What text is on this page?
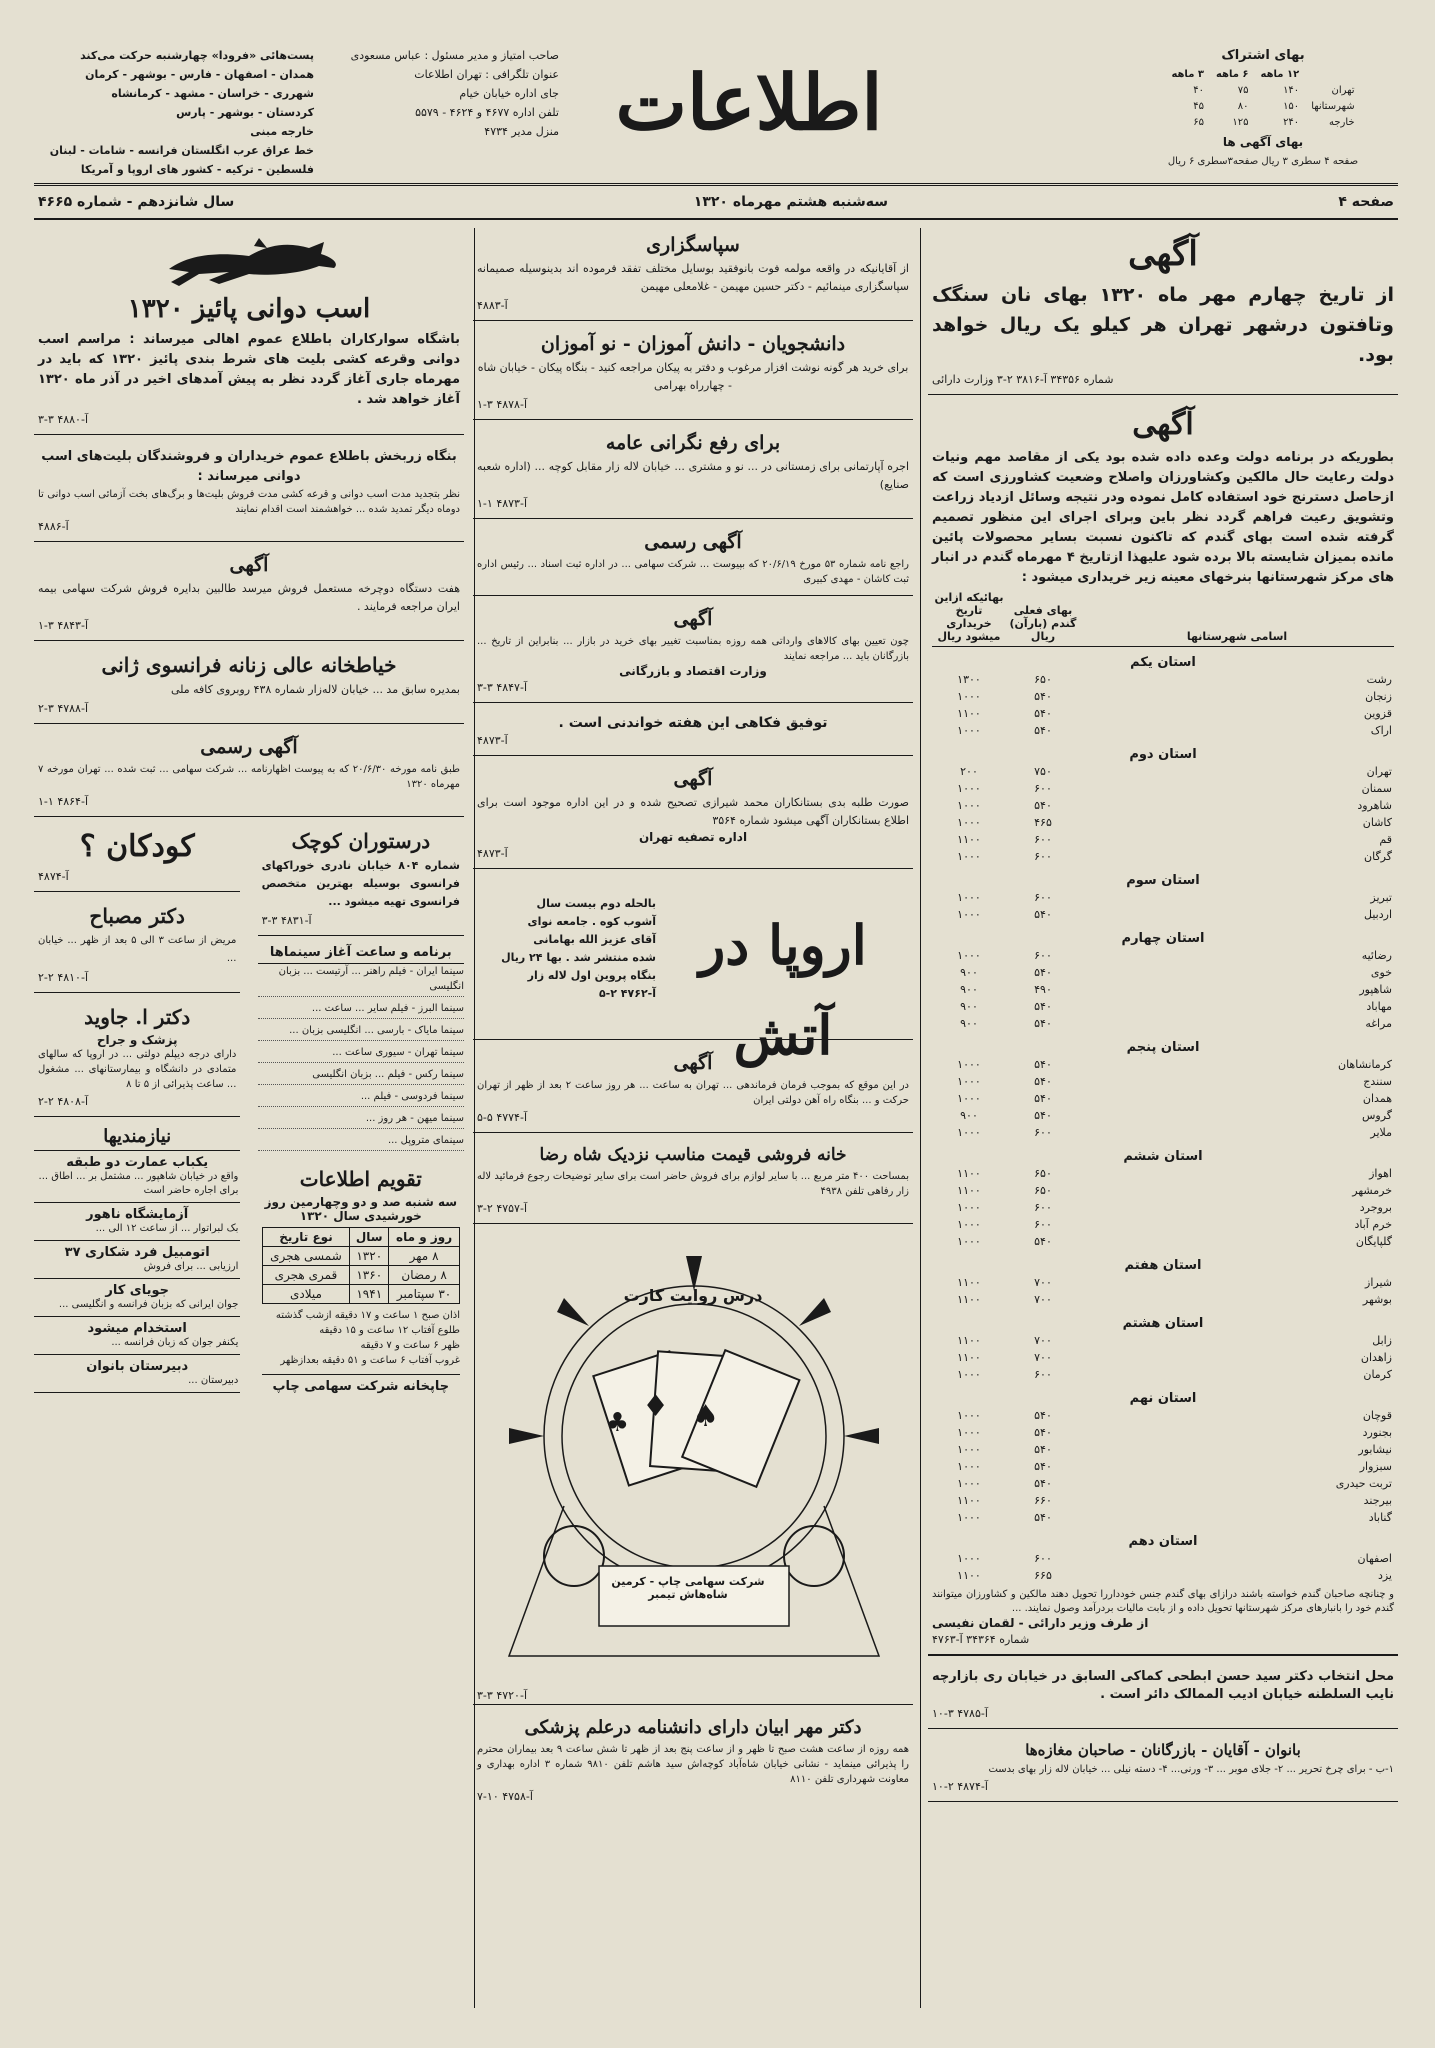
بهای اشتراک
	۱۲ ماهه	۶ ماهه	۳ ماهه
تهران	۱۴۰	۷۵	۴۰
شهرستانها	۱۵۰	۸۰	۴۵
خارجه	۲۴۰	۱۲۵	۶۵
بهای آگهی ها
صفحه ۴ سطری ۳ ریال صفحه۳سطری ۶ ریال
اطلاعات
صاحب امتیاز و مدیر مسئول : عباس مسعودی
عنوان تلگرافی : تهران اطلاعات
جای اداره خیابان خیام
تلفن اداره ۴۶۷۷ و ۴۶۲۴ - ۵۵۷۹
منزل مدیر ۴۷۳۴
پست‌هائی «فرودا» چهارشنبه حرکت می‌کند
همدان - اصفهان - فارس - بوشهر - کرمان
شهرری - خراسان - مشهد - کرمانشاه
کردستان - بوشهر - پارس
خارجه مبنی
خط عراق عرب انگلستان فرانسه - شامات - لبنان
فلسطین - ترکیه - کشور های اروپا و آمریکا
صفحه ۴
سه‌شنبه هشتم مهرماه ۱۳۲۰
سال شانزدهم - شماره ۴۶۶۵
آگهی
از تاریخ چهارم مهر ماه ۱۳۲۰ بهای نان سنگک وتافتون درشهر تهران هر کیلو یک ریال خواهد بود.
شماره ۳۴۳۵۶ آ-۳۸۱۶ ۲-۳ وزارت دارائی
آگهی
بطوریکه در برنامه دولت وعده داده شده بود یکی از مقاصد مهم ونیات دولت رعایت حال مالکین وکشاورزان واصلاح وضعیت کشاورزی است که ازحاصل دسترنج خود استفاده کامل نموده ودر نتیجه وسائل ازدیاد زراعت وتشویق رعیت فراهم گردد نظر باین وبرای اجرای این منظور تصمیم گرفته شده است بهای گندم که تاکنون نسبت بسایر محصولات پائین مانده بمیزان شایسته بالا برده شود علیهذا ازتاریخ ۴ مهرماه گندم در انبار های مرکز شهرستانها بنرخهای معینه زیر خریداری میشود :
اسامی شهرستانها	بهای فعلی گندم (بارآن) ریال	بهائیکه ازاین تاریخ خریداری میشود ریال
استان یکم		
رشت	۶۵۰	۱۳۰۰
زنجان	۵۴۰	۱۰۰۰
قزوین	۵۴۰	۱۱۰۰
اراک	۵۴۰	۱۰۰۰
استان دوم		
تهران	۷۵۰	۲۰۰
سمنان	۶۰۰	۱۰۰۰
شاهرود	۵۴۰	۱۰۰۰
کاشان	۴۶۵	۱۰۰۰
قم	۶۰۰	۱۱۰۰
گرگان	۶۰۰	۱۰۰۰
استان سوم		
تبریز	۶۰۰	۱۰۰۰
اردبیل	۵۴۰	۱۰۰۰
استان چهارم		
رضائیه	۶۰۰	۱۰۰۰
خوی	۵۴۰	۹۰۰
شاهپور	۴۹۰	۹۰۰
مهاباد	۵۴۰	۹۰۰
مراغه	۵۴۰	۹۰۰
استان پنجم		
کرمانشاهان	۵۴۰	۱۰۰۰
سنندج	۵۴۰	۱۰۰۰
همدان	۵۴۰	۱۰۰۰
گروس	۵۴۰	۹۰۰
ملایر	۶۰۰	۱۰۰۰
استان ششم		
اهواز	۶۵۰	۱۱۰۰
خرمشهر	۶۵۰	۱۱۰۰
بروجرد	۶۰۰	۱۰۰۰
خرم آباد	۶۰۰	۱۰۰۰
گلپایگان	۵۴۰	۱۰۰۰
استان هفتم		
شیراز	۷۰۰	۱۱۰۰
بوشهر	۷۰۰	۱۱۰۰
استان هشتم		
زابل	۷۰۰	۱۱۰۰
زاهدان	۷۰۰	۱۱۰۰
کرمان	۶۰۰	۱۰۰۰
استان نهم		
قوچان	۵۴۰	۱۰۰۰
بجنورد	۵۴۰	۱۰۰۰
نیشابور	۵۴۰	۱۰۰۰
سبزوار	۵۴۰	۱۰۰۰
تربت حیدری	۵۴۰	۱۰۰۰
بیرجند	۶۶۰	۱۱۰۰
گناباد	۵۴۰	۱۰۰۰
استان دهم		
اصفهان	۶۰۰	۱۰۰۰
یزد	۶۶۵	۱۱۰۰
و چنانچه صاحبان گندم خواسته باشند درازای بهای گندم جنس خودداررا تحویل دهند مالکین و کشاورزان میتوانند گندم خود را بانبارهای مرکز شهرستانها تحویل داده و از بابت مالیات بردرآمد وصول نمایند. ...
از طرف وزیر دارائی - لقمان نفیسی
شماره ۳۴۳۶۴ آ-۴۷۶۳
محل انتخاب دکتر سید حسن ابطحی کماکی السابق در خیابان ری بازارچه نایب السلطنه خیابان ادیب الممالک دائر است .
آ-۴۷۸۵ ۳-۱۰
بانوان - آقایان - بازرگانان - صاحبان مغازه‌ها
۱-ب - برای چرخ تحریر ... ۲- جلای موبر ... ۳- ورنی... ۴- دسته نیلی ... خیابان لاله زار بهای بدست
آ-۴۸۷۴ ۲-۱۰
سپاسگزاری
از آقایانیکه در واقعه مولمه فوت بانوفقید بوسایل مختلف تفقد فرموده اند بدینوسیله صمیمانه سپاسگزاری مینمائیم - دکتر حسین مهیمن - غلامعلی مهیمن
آ-۴۸۸۳
دانشجویان - دانش آموزان - نو آموزان
برای خرید هر گونه نوشت افزار مرغوب و دفتر به پیکان مراجعه کنید - بنگاه پیکان - خیابان شاه - چهارراه بهرامی
آ-۴۸۷۸ ۳-۱
برای رفع نگرانی عامه
اجره آپارتمانی برای زمستانی در ... نو و مشتری ... خیابان لاله زار مقابل کوچه ... (اداره شعبه صنایع)
آ-۴۸۷۳ ۱-۱
آگهی رسمی
راجع نامه شماره ۵۳ مورخ ۲۰/۶/۱۹ که بپیوست ... شرکت سهامی ... در اداره ثبت اسناد ... رئیس اداره ثبت کاشان - مهدی کبیری
آگهی
چون تعیین بهای کالاهای وارداتی همه روزه بمناسبت تغییر بهای خرید در بازار ... بنابراین از تاریخ ... بازرگانان باید ... مراجعه نمایند
وزارت اقتصاد و بازرگانی
آ-۴۸۴۷ ۳-۳
توفیق فکاهی این هفته خواندنی است .
آ-۴۸۷۳
آگهی
صورت طلبه بدی بستانکاران محمد شیرازی تصحیح شده و در این اداره موجود است برای اطلاع بستانکاران آگهی میشود شماره ۳۵۶۴
اداره تصفیه تهران
آ-۴۸۷۳
بالحله دوم بیست سال
آشوب کوه . جامعه نوای
آقای عزیز الله بهامانی
شده منتشر شد . بها ۲۴ ریال
بنگاه پروین اول لاله زار
آ-۴۷۶۲ ۲-۵
اروپا در آتش
آگهی
در این موقع که بموجب فرمان فرماندهی ... تهران به ساعت ... هر روز ساعت ۲ بعد از ظهر از تهران حرکت و ... بنگاه راه آهن دولتی ایران
آ-۴۷۷۴ ۵-۵
خانه فروشی قیمت مناسب نزدیک شاه رضا
بمساحت ۴۰۰ متر مربع ... با سایر لوازم برای فروش حاضر است برای سایر توضیحات رجوع فرمائید لاله زار رفاهی تلفن ۴۹۳۸
آ-۴۷۵۷ ۲-۳
♦ ♠
♣
درس روایت کارت
شرکت سهامی چاپ - کرمین شاه‌هاش تیمبر
آ-۴۷۲۰ ۳-۳
دکتر مهر ابیان دارای دانشنامه درعلم پزشکی
همه روزه از ساعت هشت صبح تا ظهر و از ساعت پنج بعد از ظهر تا شش ساعت ۹ بعد بیماران محترم را پذیرائی مینماید - نشانی خیابان شاه‌آباد کوچه‌اش سید هاشم تلفن ۹۸۱۰ شماره ۳ اداره بهداری و معاونت شهرداری تلفن ۸۱۱۰
آ-۴۷۵۸ ۱۰-۷
اسب دوانی پائیز ۱۳۲۰
باشگاه سوارکاران باطلاع عموم اهالی میرساند : مراسم اسب دوانی وقرعه کشی بلیت های شرط بندی پائیز ۱۳۲۰ که باید در مهرماه جاری آغاز گردد نظر به پیش آمدهای اخیر در آذر ماه ۱۳۲۰ آغاز خواهد شد .
آ-۴۸۸۰ ۳-۳
بنگاه زربخش باطلاع عموم خریداران و فروشندگان بلیت‌های اسب دوانی میرساند :
نظر بتجدید مدت اسب دوانی و قرعه کشی مدت فروش بلیت‌ها و برگ‌های بخت آزمائی اسب دوانی تا دوماه دیگر تمدید شده ... خواهشمند است اقدام نمایند
آ-۴۸۸۶
آگهی
هفت دستگاه دوچرخه مستعمل فروش میرسد طالبین بدایره فروش شرکت سهامی بیمه ایران مراجعه فرمایند .
آ-۴۸۴۳ ۳-۱
خیاطخانه عالی زنانه فرانسوی ژانی
بمدیره سابق مد ... خیابان لاله‌زار شماره ۴۳۸ روبروی کافه ملی
آ-۴۷۸۸ ۳-۲
آگهی رسمی
طبق نامه مورخه ۲۰/۶/۳۰ که به پیوست اظهارنامه ... شرکت سهامی ... ثبت شده ... تهران مورخه ۷ مهرماه ۱۳۲۰
آ-۴۸۶۴ ۱-۱
درستوران کوچک
شماره ۸۰۴ خیابان نادری خوراکهای فرانسوی بوسیله بهترین متخصص فرانسوی تهیه میشود ...
آ-۴۸۳۱ ۳-۳
برنامه و ساعت آغاز سینماها
سینما ایران - فیلم راهنر ... آرتیست ... بزبان انگلیسی
سینما البرز - فیلم سایر ... ساعت ...
سینما مایاک - بارسی ... انگلیسی بزبان ...
سینما تهران - سیوری ساعت ...
سینما رکس - فیلم ... بزبان انگلیسی
سینما فردوسی - فیلم ...
سینما میهن - هر روز ...
سینمای متروپل ...
تقویم اطلاعات
سه شنبه صد و دو وچهارمین روز خورشیدی سال ۱۳۲۰
روز و ماه	سال	نوع تاریخ
۸ مهر	۱۳۲۰	شمسی هجری
۸ رمضان	۱۳۶۰	قمری هجری
۳۰ سپتامبر	۱۹۴۱	میلادی
اذان صبح ۱ ساعت و ۱۷ دقیقه ازشب گذشته
طلوع آفتاب ۱۲ ساعت و ۱۵ دقیقه
ظهر ۶ ساعت و ۷ دقیقه
غروب آفتاب ۶ ساعت و ۵۱ دقیقه بعدازظهر
چاپخانه شرکت سهامی چاپ
کودکان ؟
آ-۴۸۷۴
دکتر مصباح
مریض از ساعت ۳ الی ۵ بعد از ظهر ... خیابان ...
آ-۴۸۱۰ ۲-۲
دکتر ا. جاوید
پزشک و جراح
دارای درجه دیپلم دولتی ... در اروپا که سالهای متمادی در دانشگاه و بیمارستانهای ... مشغول ... ساعت پذیرائی از ۵ تا ۸
آ-۴۸۰۸ ۲-۲
نیازمندیها
یکباب عمارت دو طبقه
واقع در خیابان شاهپور ... مشتمل بر ... اطاق ... برای اجاره حاضر است
آزمایشگاه ناهور
بک لبراتوار ... از ساعت ۱۲ الی ...
اتومبیل فرد شکاری ۳۷
ارزیابی ... برای فروش
جویای کار
جوان ایرانی که بزبان فرانسه و انگلیسی ...
استخدام میشود
یکنفر جوان که زبان فرانسه ...
دبیرستان بانوان
دبیرستان ...
